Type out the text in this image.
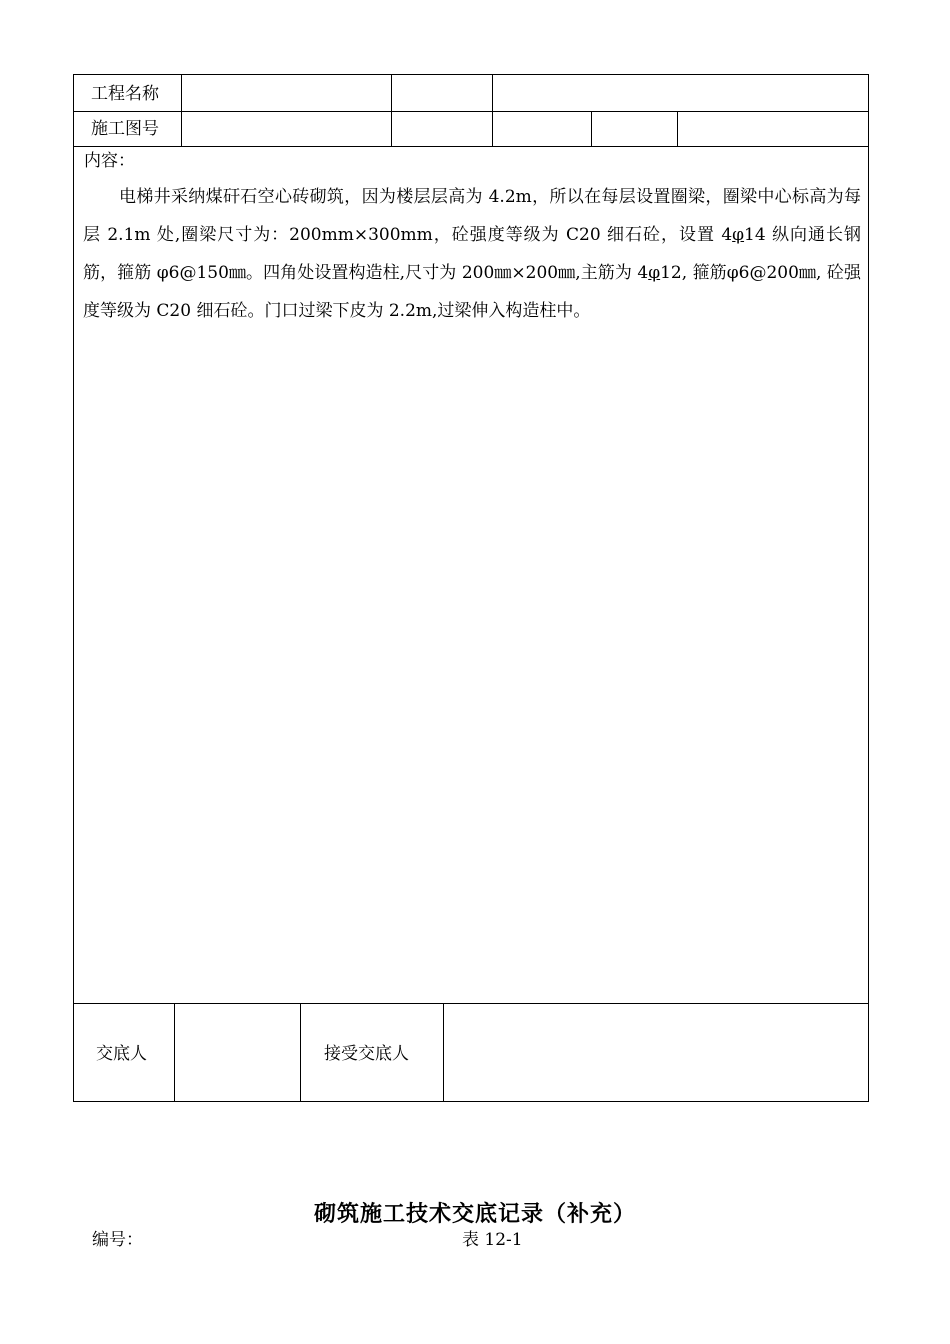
工程名称
施工图号
内容：

电梯井采纳煤矸石空心砖砌筑，因为楼层层高为 4.2m，所以在每层设置圈梁，圈梁中心标高为每层 2.1m 处,圈梁尺寸为：200mm×300mm，砼强度等级为 C20 细石砼，设置 4φ14 纵向通长钢筋，箍筋 φ6@150㎜。四角处设置构造柱,尺寸为 200㎜×200㎜,主筋为 4φ12, 箍筋φ6@200㎜, 砼强度等级为 C20 细石砼。门口过梁下皮为 2.2m,过梁伸入构造柱中。

交底人	接受交底人
砌筑施工技术交底记录（补充）
编号：	表 12-1
